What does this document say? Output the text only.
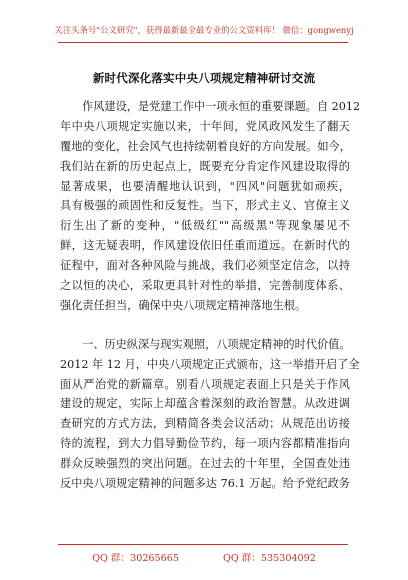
关注头条号"公文研究"，获得最新最全最专业的公文资料库！ 微信：gongwenyj
新时代深化落实中央八项规定精神研讨交流
作风建设，是党建工作中一项永恒的重要课题。自 2012
年中央八项规定实施以来，十年间，党风政风发生了翻天
覆地的变化，社会风气也持续朝着良好的方向发展。如今，
我们站在新的历史起点上，既要充分肯定作风建设取得的
显著成果，也要清醒地认识到，"四风"问题犹如顽疾，
具有极强的顽固性和反复性。当下，形式主义、官僚主义
衍生出了新的变种，"低级红""高级黑"等现象屡见不
鲜，这无疑表明，作风建设依旧任重而道远。在新时代的
征程中，面对各种风险与挑战，我们必须坚定信念，以持
之以恒的决心，采取更具针对性的举措，完善制度体系、
强化责任担当，确保中央八项规定精神落地生根。
一、历史纵深与现实观照，八项规定精神的时代价值。
2012 年 12 月，中央八项规定正式颁布，这一举措开启了全
面从严治党的新篇章。别看八项规定表面上只是关于作风
建设的规定，实际上却蕴含着深刻的政治智慧。从改进调
查研究的方式方法，到精简各类会议活动；从规范出访接
待的流程，到大力倡导勤俭节约，每一项内容都精准指向
群众反映强烈的突出问题。在过去的十年里，全国查处违
反中央八项规定精神的问题多达 76.1 万起。给予党纪政务
QQ 群：30265665	QQ 群：535304092
